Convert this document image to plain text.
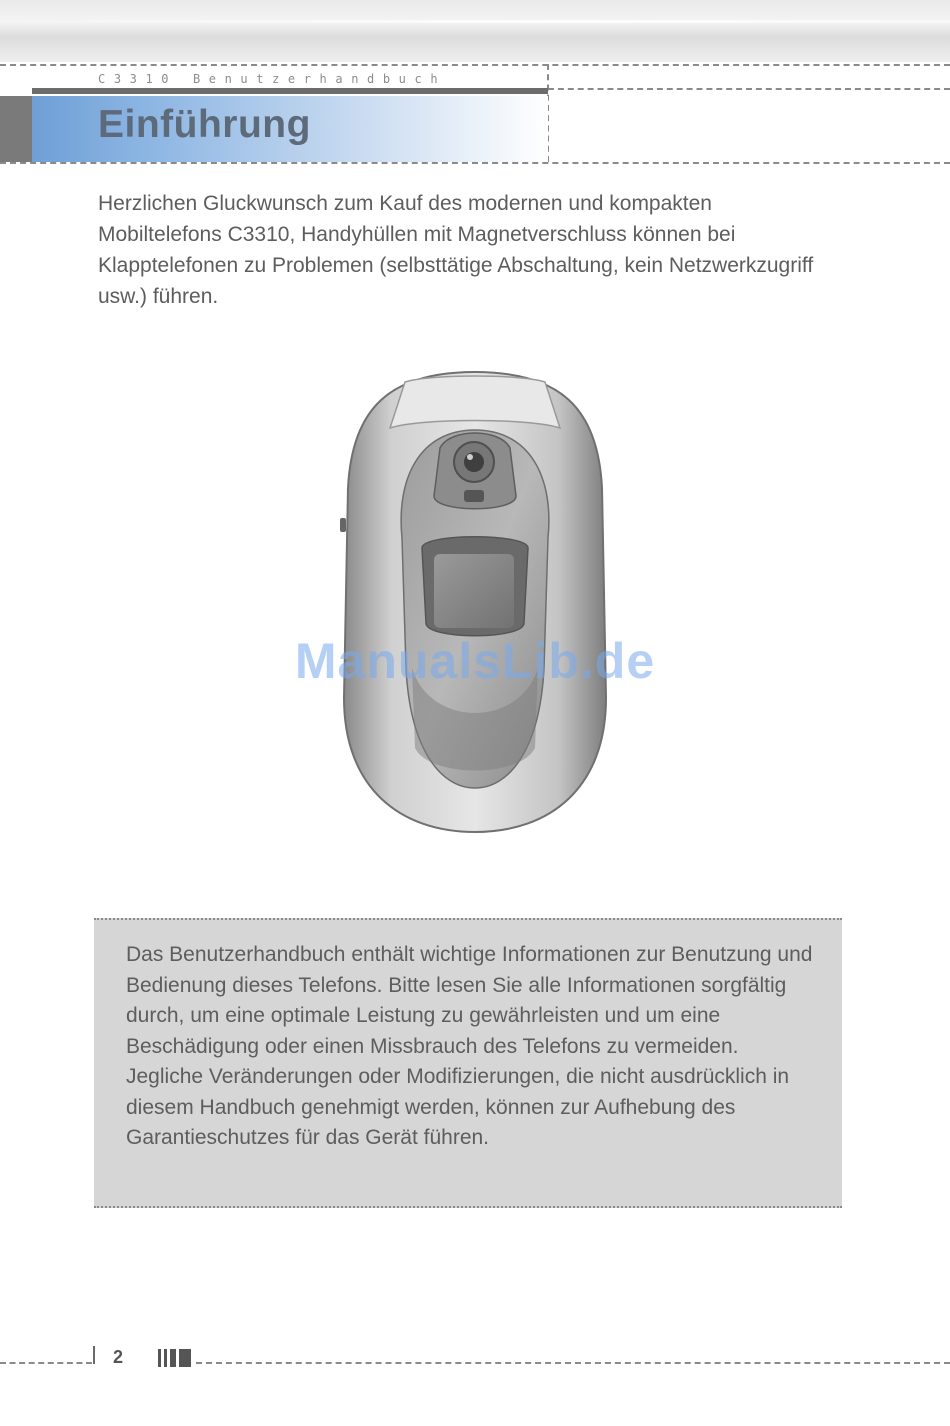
C3310 Benutzerhandbuch
Einführung

Herzlichen Gluckwunsch zum Kauf des modernen und kompakten Mobiltelefons C3310, Handyhüllen mit Magnetverschluss können bei Klapptelefonen zu Problemen (selbsttätige Abschaltung, kein Netzwerkzugriff usw.) führen.

ManualsLib.de

Das Benutzerhandbuch enthält wichtige Informationen zur Benutzung und Bedienung dieses Telefons. Bitte lesen Sie alle Informationen sorgfältig durch, um eine optimale Leistung zu gewährleisten und um eine Beschädigung oder einen Missbrauch des Telefons zu vermeiden. Jegliche Veränderungen oder Modifizierungen, die nicht ausdrücklich in diesem Handbuch genehmigt werden, können zur Aufhebung des Garantieschutzes für das Gerät führen.

2
